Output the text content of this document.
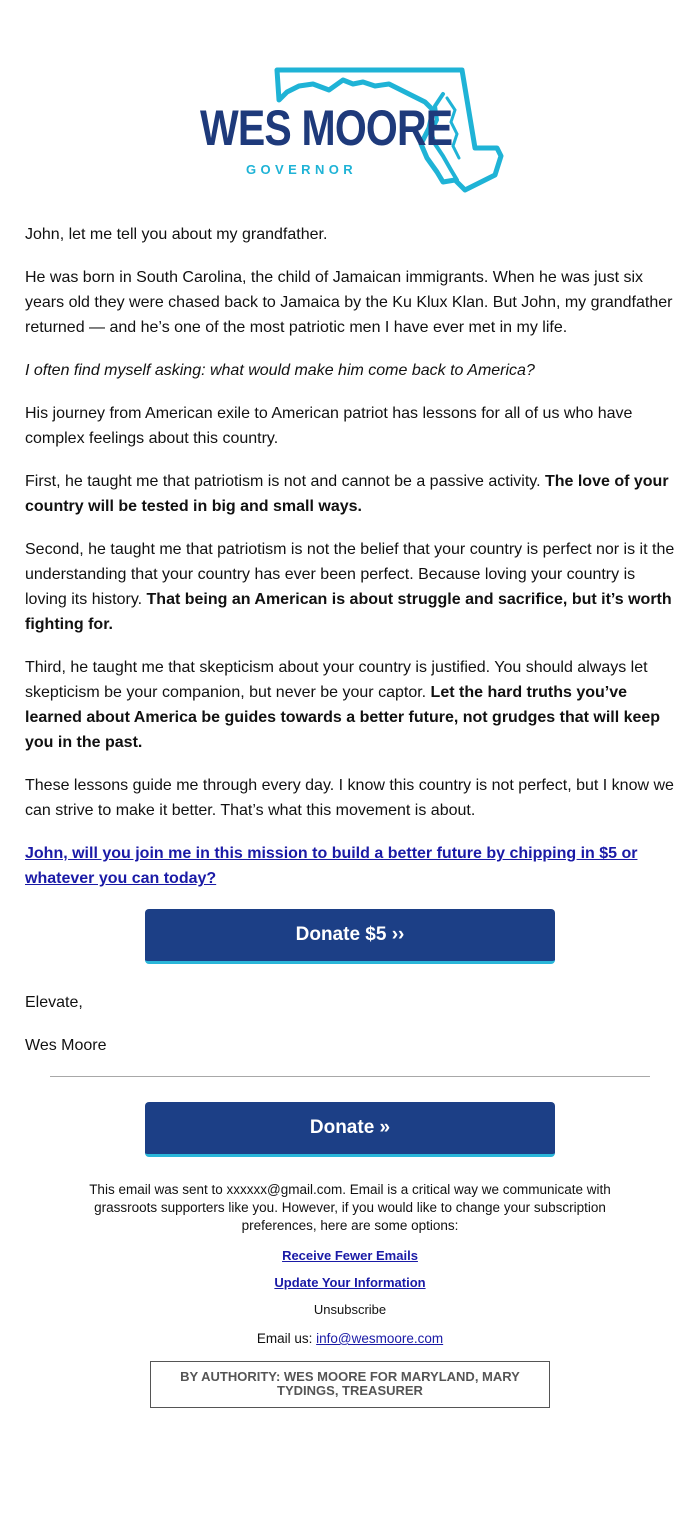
WES MOORE
GOVERNOR

John, let me tell you about my grandfather.

He was born in South Carolina, the child of Jamaican immigrants. When he was just six years old they were chased back to Jamaica by the Ku Klux Klan. But John, my grandfather returned — and he’s one of the most patriotic men I have ever met in my life.

I often find myself asking: what would make him come back to America?

His journey from American exile to American patriot has lessons for all of us who have complex feelings about this country.

First, he taught me that patriotism is not and cannot be a passive activity. The love of your country will be tested in big and small ways.

Second, he taught me that patriotism is not the belief that your country is perfect nor is it the understanding that your country has ever been perfect. Because loving your country is loving its history. That being an American is about struggle and sacrifice, but it’s worth fighting for.

Third, he taught me that skepticism about your country is justified. You should always let skepticism be your companion, but never be your captor. Let the hard truths you’ve learned about America be guides towards a better future, not grudges that will keep you in the past.

These lessons guide me through every day. I know this country is not perfect, but I know we can strive to make it better. That’s what this movement is about.

John, will you join me in this mission to build a better future by chipping in $5 or whatever you can today?

Donate $5 ››
Elevate,
Wes Moore
Donate »
This email was sent to xxxxxx@gmail.com. Email is a critical way we communicate with grassroots supporters like you. However, if you would like to change your subscription preferences, here are some options:
Receive Fewer Emails
Update Your Information
Unsubscribe
Email us: info@wesmoore.com
BY AUTHORITY: WES MOORE FOR MARYLAND, MARY TYDINGS, TREASURER
